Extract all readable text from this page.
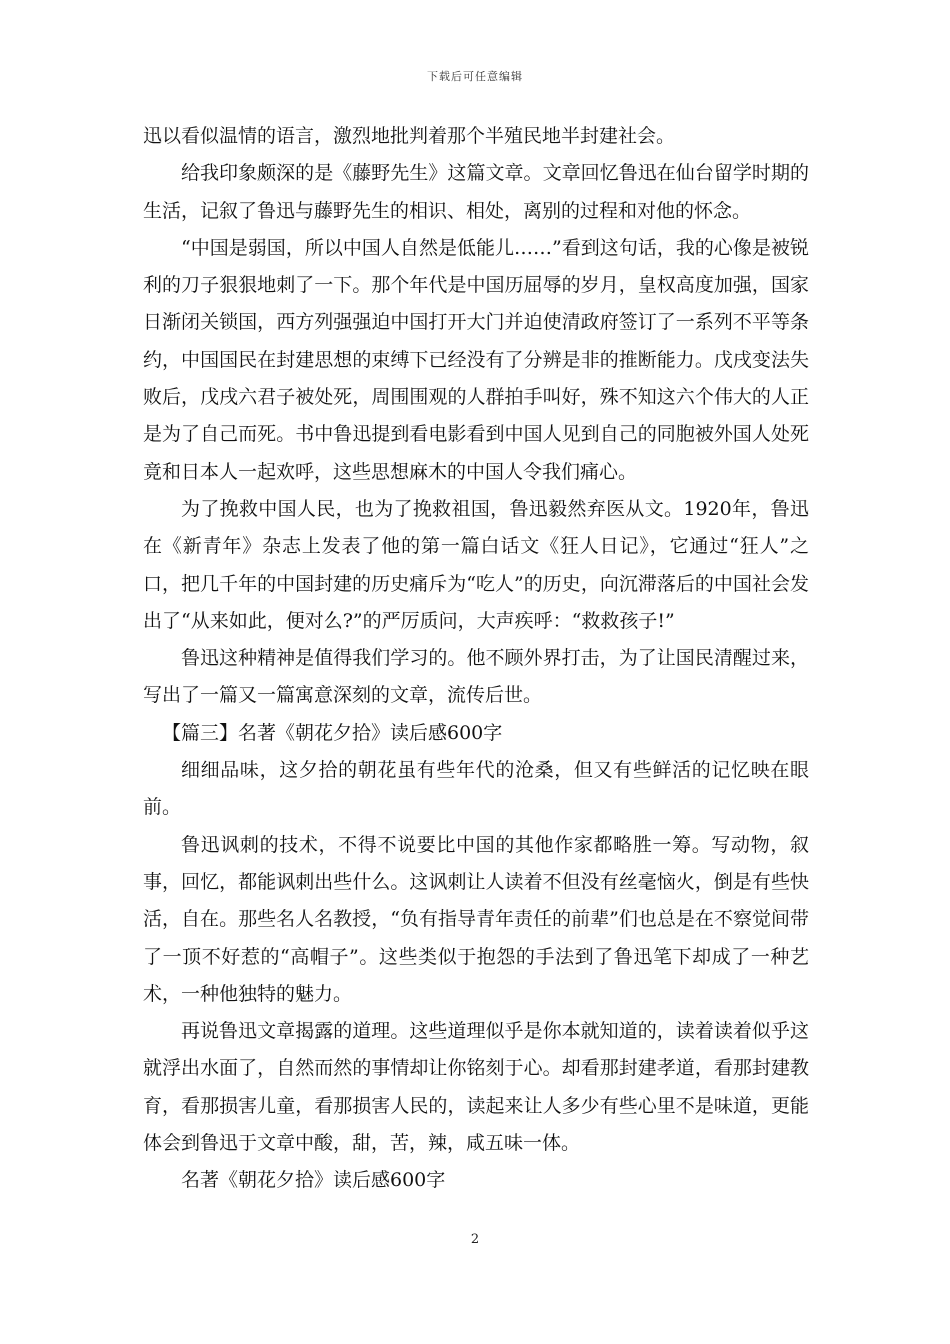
下载后可任意编辑

迅以看似温情的语言，激烈地批判着那个半殖民地半封建社会。

给我印象颇深的是《藤野先生》这篇文章。文章回忆鲁迅在仙台留学时期的生活，记叙了鲁迅与藤野先生的相识、相处，离别的过程和对他的怀念。

“中国是弱国，所以中国人自然是低能儿……”看到这句话，我的心像是被锐利的刀子狠狠地刺了一下。那个年代是中国历屈辱的岁月，皇权高度加强，国家日渐闭关锁国，西方列强强迫中国打开大门并迫使清政府签订了一系列不平等条约，中国国民在封建思想的束缚下已经没有了分辨是非的推断能力。戊戌变法失败后，戊戌六君子被处死，周围围观的人群拍手叫好，殊不知这六个伟大的人正是为了自己而死。书中鲁迅提到看电影看到中国人见到自己的同胞被外国人处死竟和日本人一起欢呼，这些思想麻木的中国人令我们痛心。

为了挽救中国人民，也为了挽救祖国，鲁迅毅然弃医从文。1920年，鲁迅在《新青年》杂志上发表了他的第一篇白话文《狂人日记》，它通过“狂人”之口，把几千年的中国封建的历史痛斥为“吃人”的历史，向沉滞落后的中国社会发出了“从来如此，便对么?”的严厉质问，大声疾呼：“救救孩子!”

鲁迅这种精神是值得我们学习的。他不顾外界打击，为了让国民清醒过来，写出了一篇又一篇寓意深刻的文章，流传后世。

【篇三】名著《朝花夕拾》读后感600字

细细品味，这夕拾的朝花虽有些年代的沧桑，但又有些鲜活的记忆映在眼前。

鲁迅讽刺的技术，不得不说要比中国的其他作家都略胜一筹。写动物，叙事，回忆，都能讽刺出些什么。这讽刺让人读着不但没有丝毫恼火，倒是有些快活，自在。那些名人名教授，“负有指导青年责任的前辈”们也总是在不察觉间带了一顶不好惹的“高帽子”。这些类似于抱怨的手法到了鲁迅笔下却成了一种艺术，一种他独特的魅力。

再说鲁迅文章揭露的道理。这些道理似乎是你本就知道的，读着读着似乎这就浮出水面了，自然而然的事情却让你铭刻于心。却看那封建孝道，看那封建教育，看那损害儿童，看那损害人民的，读起来让人多少有些心里不是味道，更能体会到鲁迅于文章中酸，甜，苦，辣，咸五味一体。

名著《朝花夕拾》读后感600字

2
